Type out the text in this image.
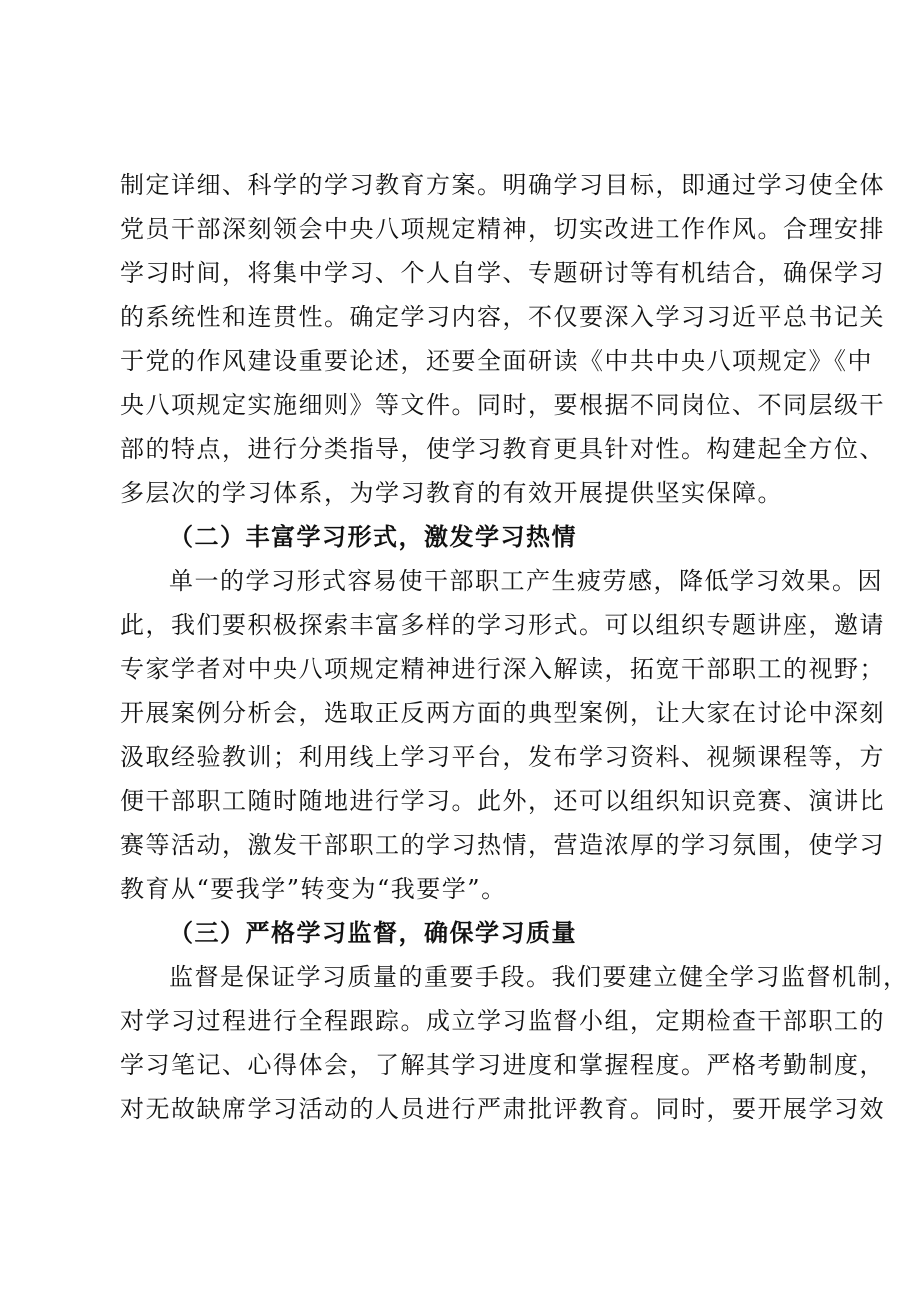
制定详细、科学的学习教育方案。明确学习目标，即通过学习使全体
党员干部深刻领会中央八项规定精神，切实改进工作作风。合理安排
学习时间，将集中学习、个人自学、专题研讨等有机结合，确保学习
的系统性和连贯性。确定学习内容，不仅要深入学习习近平总书记关
于党的作风建设重要论述，还要全面研读《中共中央八项规定》《中
央八项规定实施细则》等文件。同时，要根据不同岗位、不同层级干
部的特点，进行分类指导，使学习教育更具针对性。构建起全方位、
多层次的学习体系，为学习教育的有效开展提供坚实保障。
（二）丰富学习形式，激发学习热情
单一的学习形式容易使干部职工产生疲劳感，降低学习效果。因
此，我们要积极探索丰富多样的学习形式。可以组织专题讲座，邀请
专家学者对中央八项规定精神进行深入解读，拓宽干部职工的视野；
开展案例分析会，选取正反两方面的典型案例，让大家在讨论中深刻
汲取经验教训；利用线上学习平台，发布学习资料、视频课程等，方
便干部职工随时随地进行学习。此外，还可以组织知识竞赛、演讲比
赛等活动，激发干部职工的学习热情，营造浓厚的学习氛围，使学习
教育从“要我学”转变为“我要学”。
（三）严格学习监督，确保学习质量
监督是保证学习质量的重要手段。我们要建立健全学习监督机制，
对学习过程进行全程跟踪。成立学习监督小组，定期检查干部职工的
学习笔记、心得体会，了解其学习进度和掌握程度。严格考勤制度，
对无故缺席学习活动的人员进行严肃批评教育。同时，要开展学习效
